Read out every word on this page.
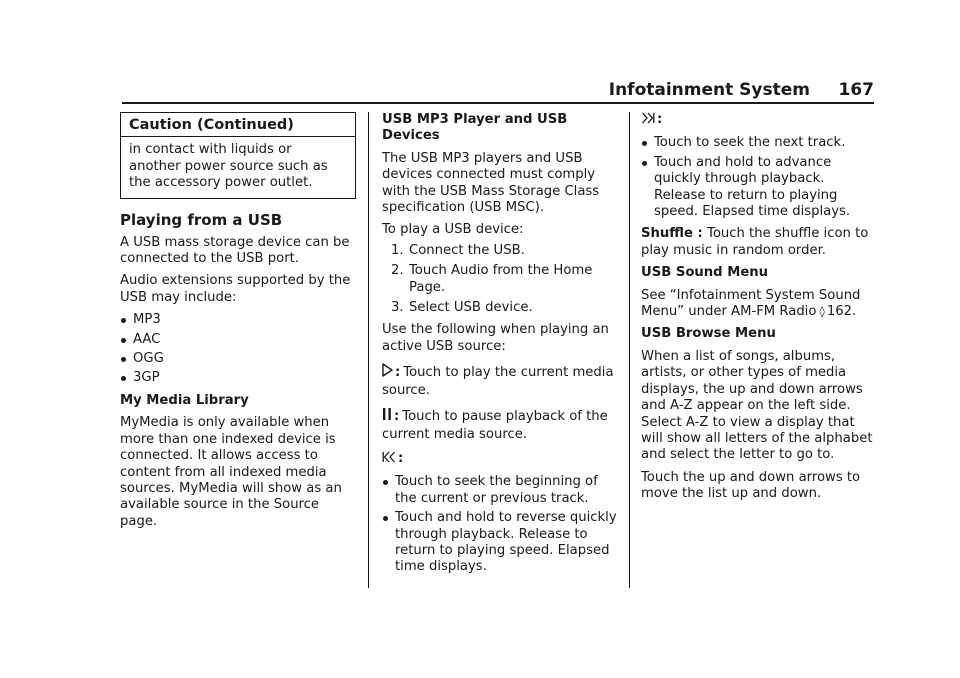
Infotainment System 167
Caution (Continued)
in contact with liquids or another power source such as the accessory power outlet.
Playing from a USB

A USB mass storage device can be connected to the USB port.

Audio extensions supported by the USB may include:

MP3
AAC
OGG
3GP

My Media Library

MyMedia is only available when more than one indexed device is connected. It allows access to content from all indexed media sources. MyMedia will show as an available source in the Source page.

USB MP3 Player and USB Devices

The USB MP3 players and USB devices connected must comply with the USB Mass Storage Class specification (USB MSC).

To play a USB device:

1. Connect the USB.
2. Touch Audio from the Home Page.
3. Select USB device.

Use the following when playing an active USB source:

: Touch to play the current media source.

: Touch to pause playback of the current media source.

:

Touch to seek the beginning of the current or previous track.
Touch and hold to reverse quickly through playback. Release to return to playing speed. Elapsed time displays.

:

Touch to seek the next track.
Touch and hold to advance quickly through playback. Release to return to playing speed. Elapsed time displays.

Shuffle : Touch the shuffle icon to play music in random order.

USB Sound Menu

See “Infotainment System Sound Menu” under AM-FM Radio ◊ 162.

USB Browse Menu

When a list of songs, albums, artists, or other types of media displays, the up and down arrows and A-Z appear on the left side. Select A-Z to view a display that will show all letters of the alphabet and select the letter to go to.

Touch the up and down arrows to move the list up and down.
